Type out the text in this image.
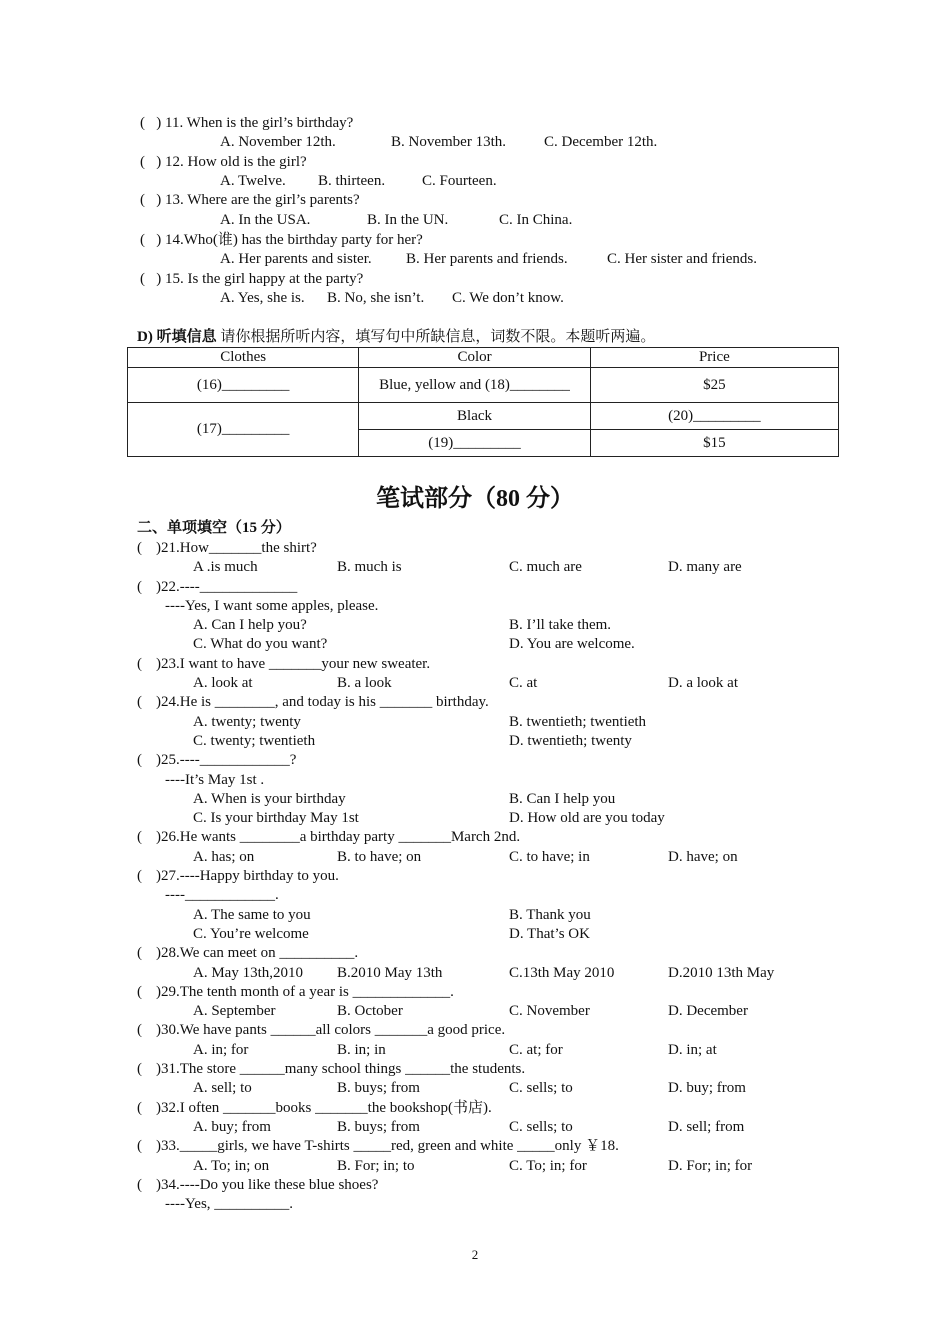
( ) 11. When is the girl’s birthday?
A. November 12th.	B. November 13th.	C. December 12th.
( ) 12. How old is the girl?
A. Twelve. B. thirteen. C. Fourteen.
( ) 13. Where are the girl’s parents?
A. In the USA.	B. In the UN.	C. In China.
( ) 14.Who(谁) has the birthday party for her?
A. Her parents and sister. B. Her parents and friends.	C. Her sister and friends.
( ) 15. Is the girl happy at the party?
A. Yes, she is. B. No, she isn’t. C. We don’t know.
D) 听填信息 请你根据所听内容，填写句中所缺信息，词数不限。本题听两遍。
Clothes	Color	Price
(16)_________	Blue, yellow and (18)________	$25
(17)_________	Black	(20)_________
	(19)_________	$15
笔试部分（80 分）
二、单项填空（15 分）
( )21.How_______the shirt?
A .is much	B. much is	C. much are	D. many are
( )22.----_____________
----Yes, I want some apples, please.
A. Can I help you?	B. I’ll take them.
C. What do you want?	D. You are welcome.
( )23.I want to have _______your new sweater.
A. look at	B. a look	C. at	D. a look at
( )24.He is ________, and today is his _______ birthday.
A. twenty; twenty	B. twentieth; twentieth
C. twenty; twentieth	D. twentieth; twenty
( )25.----____________?
----It’s May 1st .
A. When is your birthday	B. Can I help you
C. Is your birthday May 1st	D. How old are you today
( )26.He wants ________a birthday party _______March 2nd.
A. has; on	B. to have; on	C. to have; in	D. have; on
( )27.----Happy birthday to you.
----____________.
A. The same to you	B. Thank you
C. You’re welcome	D. That’s OK
( )28.We can meet on __________.
A. May 13th,2010 B.2010 May 13th	C.13th May 2010	D.2010 13th May
( )29.The tenth month of a year is _____________.
A. September	B. October	C. November	D. December
( )30.We have pants ______all colors _______a good price.
A. in; for	B. in; in	C. at; for	D. in; at
( )31.The store ______many school things ______the students.
A. sell; to	B. buys; from	C. sells; to	D. buy; from
( )32.I often _______books _______the bookshop(书店).
A. buy; from	B. buys; from	C. sells; to	D. sell; from
( )33._____girls, we have T-shirts _____red, green and white _____only ￥18.
A. To; in; on	B. For; in; to	C. To; in; for	D. For; in; for
( )34.----Do you like these blue shoes?
----Yes, __________.
2
